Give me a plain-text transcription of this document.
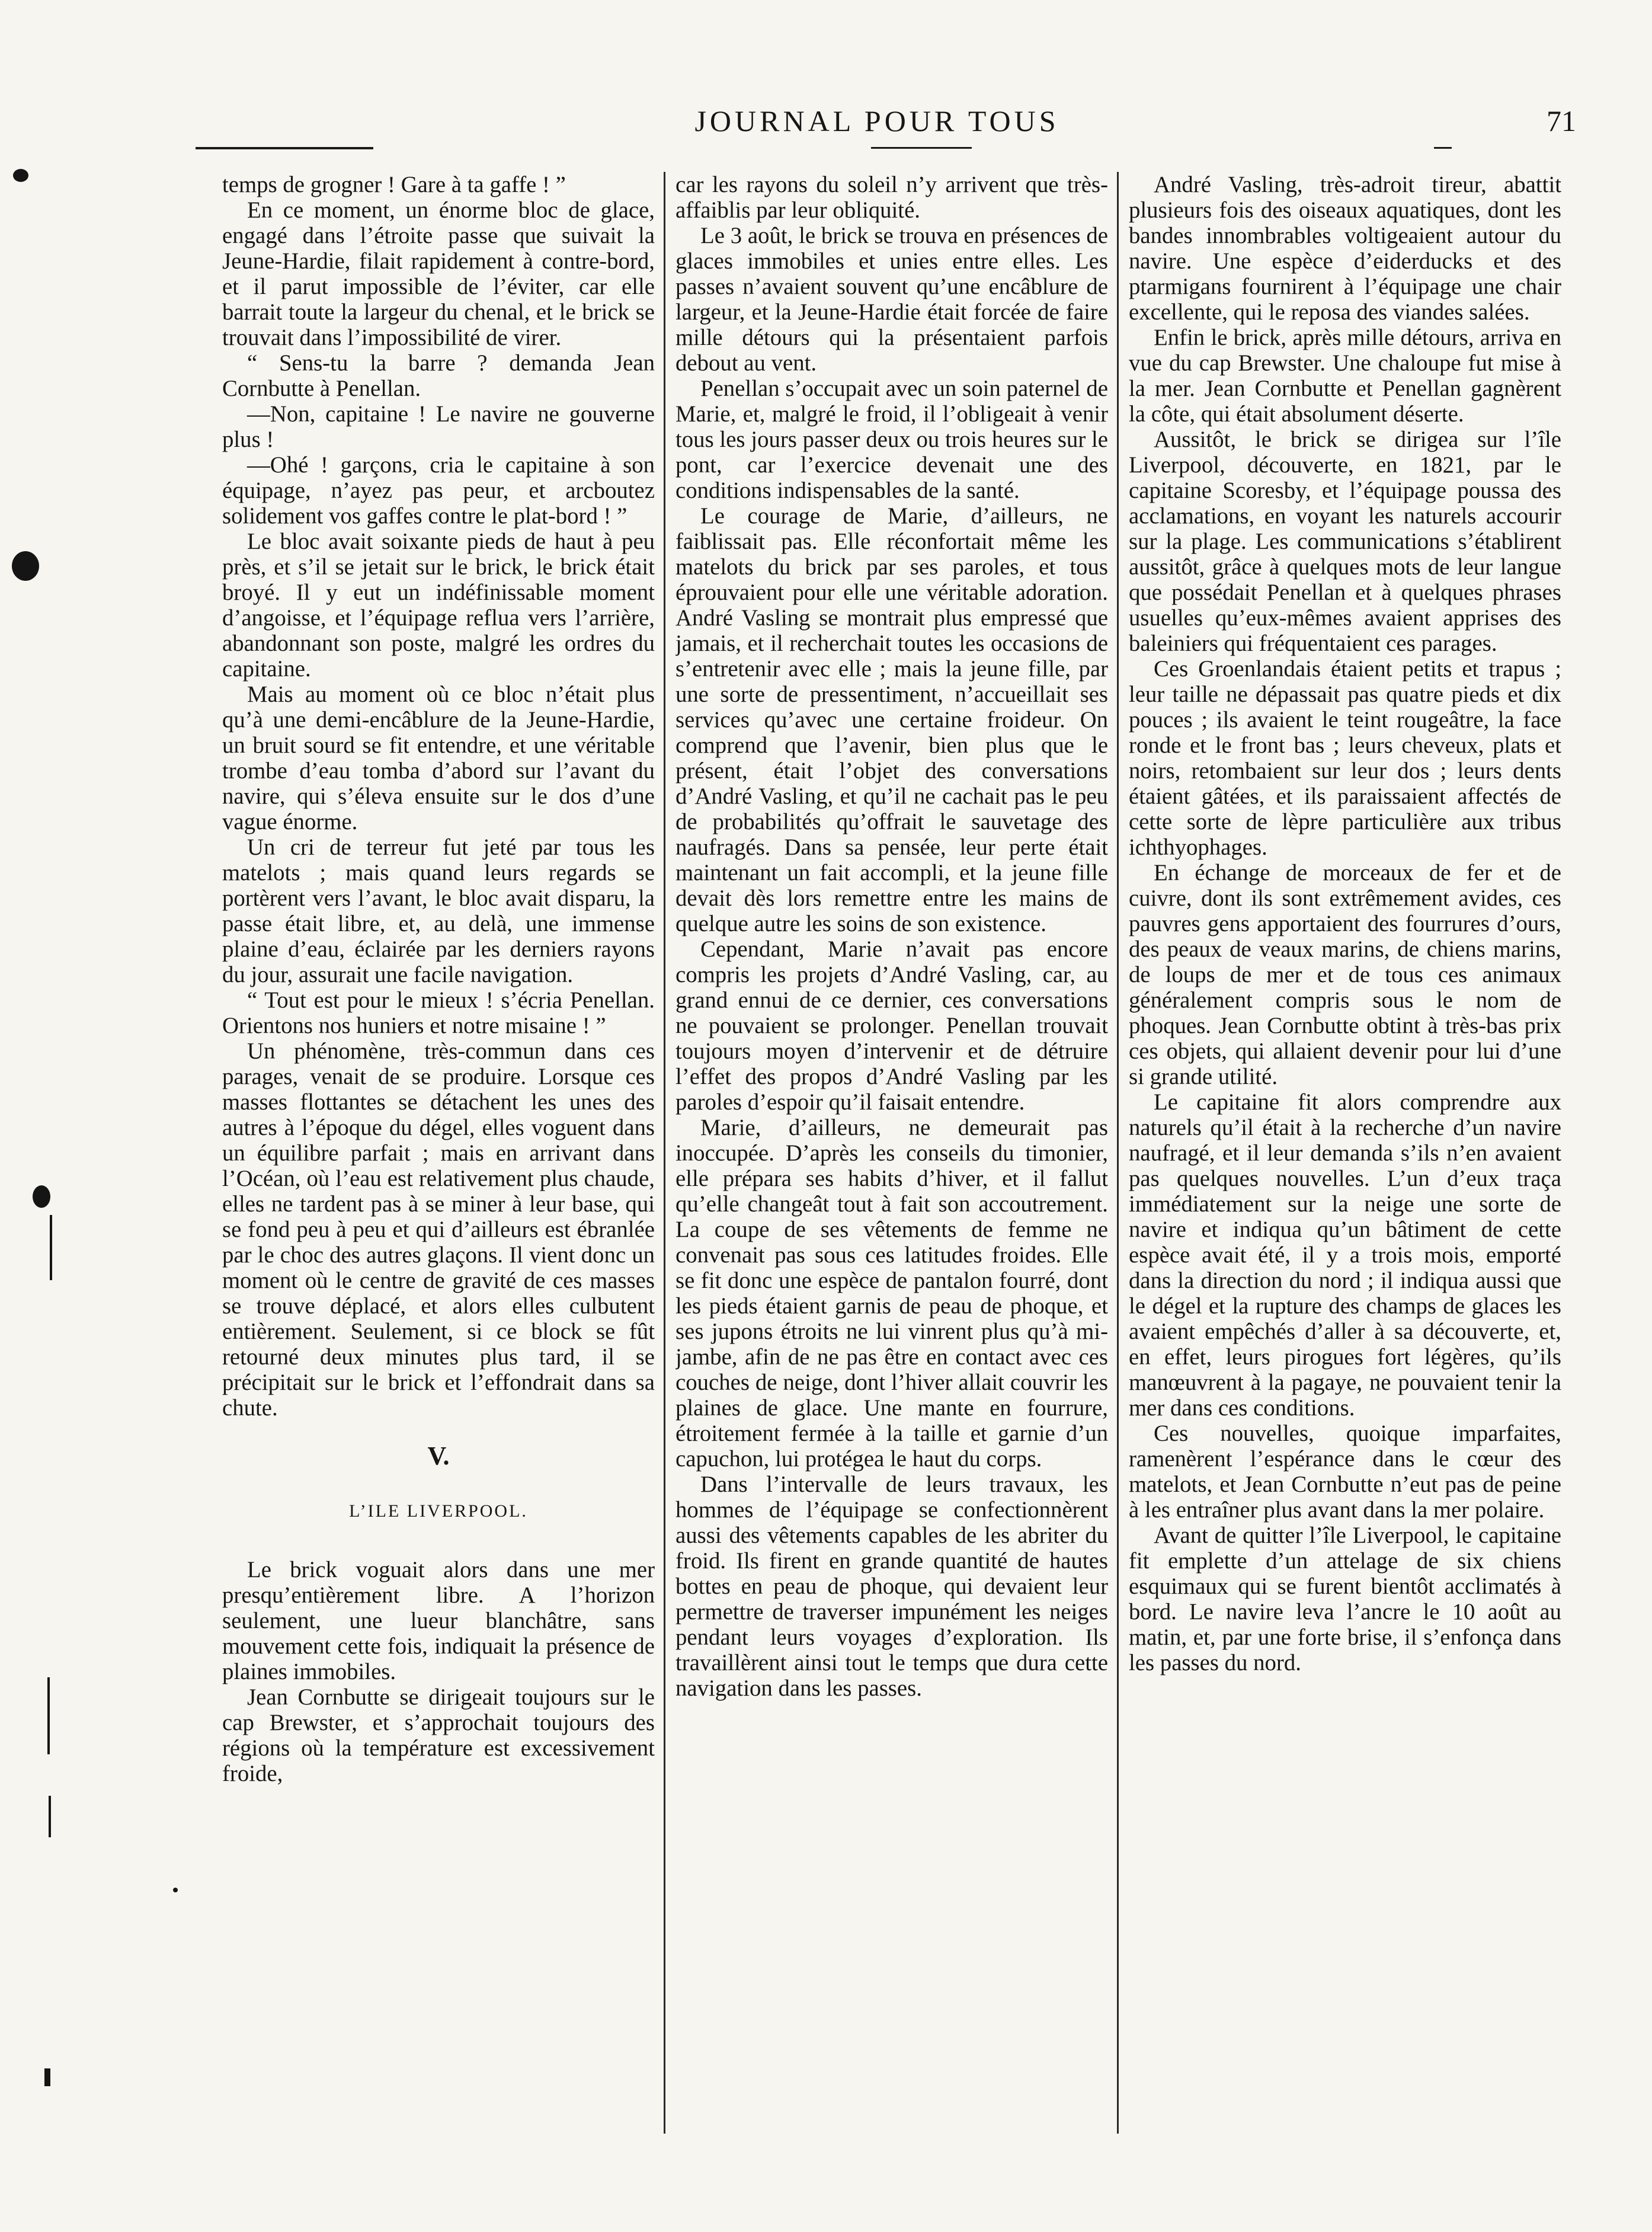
JOURNAL POUR TOUS	71

temps de grogner ! Gare à ta gaffe ! ”

En ce moment, un énorme bloc de glace, engagé dans l’étroite passe que suivait la Jeune-Hardie, filait rapidement à contre-bord, et il parut impossible de l’éviter, car elle barrait toute la largeur du chenal, et le brick se trouvait dans l’impossibilité de virer.

“ Sens-tu la barre ? demanda Jean Cornbutte à Penellan.

—Non, capitaine ! Le navire ne gouverne plus !

—Ohé ! garçons, cria le capitaine à son équipage, n’ayez pas peur, et arcboutez solidement vos gaffes contre le plat-bord ! ”

Le bloc avait soixante pieds de haut à peu près, et s’il se jetait sur le brick, le brick était broyé. Il y eut un indéfinissable moment d’angoisse, et l’équipage reflua vers l’arrière, abandonnant son poste, malgré les ordres du capitaine.

Mais au moment où ce bloc n’était plus qu’à une demi-encâblure de la Jeune-Hardie, un bruit sourd se fit entendre, et une véritable trombe d’eau tomba d’abord sur l’avant du navire, qui s’éleva ensuite sur le dos d’une vague énorme.

Un cri de terreur fut jeté par tous les matelots ; mais quand leurs regards se portèrent vers l’avant, le bloc avait disparu, la passe était libre, et, au delà, une immense plaine d’eau, éclairée par les derniers rayons du jour, assurait une facile navigation.

“ Tout est pour le mieux ! s’écria Penellan. Orientons nos huniers et notre misaine ! ”

Un phénomène, très-commun dans ces parages, venait de se produire. Lorsque ces masses flottantes se détachent les unes des autres à l’époque du dégel, elles voguent dans un équilibre parfait ; mais en arrivant dans l’Océan, où l’eau est relativement plus chaude, elles ne tardent pas à se miner à leur base, qui se fond peu à peu et qui d’ailleurs est ébranlée par le choc des autres glaçons. Il vient donc un moment où le centre de gravité de ces masses se trouve déplacé, et alors elles culbutent entièrement. Seulement, si ce block se fût retourné deux minutes plus tard, il se précipitait sur le brick et l’effondrait dans sa chute.

V.
L’ILE LIVERPOOL.

Le brick voguait alors dans une mer presqu’entièrement libre. A l’horizon seulement, une lueur blanchâtre, sans mouvement cette fois, indiquait la présence de plaines immobiles.

Jean Cornbutte se dirigeait toujours sur le cap Brewster, et s’approchait toujours des régions où la température est excessivement froide,

car les rayons du soleil n’y arrivent que très-affaiblis par leur obliquité.

Le 3 août, le brick se trouva en présences de glaces immobiles et unies entre elles. Les passes n’avaient souvent qu’une encâblure de largeur, et la Jeune-Hardie était forcée de faire mille détours qui la présentaient parfois debout au vent.

Penellan s’occupait avec un soin paternel de Marie, et, malgré le froid, il l’obligeait à venir tous les jours passer deux ou trois heures sur le pont, car l’exercice devenait une des conditions indispensables de la santé.

Le courage de Marie, d’ailleurs, ne faiblissait pas. Elle réconfortait même les matelots du brick par ses paroles, et tous éprouvaient pour elle une véritable adoration. André Vasling se montrait plus empressé que jamais, et il recherchait toutes les occasions de s’entretenir avec elle ; mais la jeune fille, par une sorte de pressentiment, n’accueillait ses services qu’avec une certaine froideur. On comprend que l’avenir, bien plus que le présent, était l’objet des conversations d’André Vasling, et qu’il ne cachait pas le peu de probabilités qu’offrait le sauvetage des naufragés. Dans sa pensée, leur perte était maintenant un fait accompli, et la jeune fille devait dès lors remettre entre les mains de quelque autre les soins de son existence.

Cependant, Marie n’avait pas encore compris les projets d’André Vasling, car, au grand ennui de ce dernier, ces conversations ne pouvaient se prolonger. Penellan trouvait toujours moyen d’intervenir et de détruire l’effet des propos d’André Vasling par les paroles d’espoir qu’il faisait entendre.

Marie, d’ailleurs, ne demeurait pas inoccupée. D’après les conseils du timonier, elle prépara ses habits d’hiver, et il fallut qu’elle changeât tout à fait son accoutrement. La coupe de ses vêtements de femme ne convenait pas sous ces latitudes froides. Elle se fit donc une espèce de pantalon fourré, dont les pieds étaient garnis de peau de phoque, et ses jupons étroits ne lui vinrent plus qu’à mi-jambe, afin de ne pas être en contact avec ces couches de neige, dont l’hiver allait couvrir les plaines de glace. Une mante en fourrure, étroitement fermée à la taille et garnie d’un capuchon, lui protégea le haut du corps.

Dans l’intervalle de leurs travaux, les hommes de l’équipage se confectionnèrent aussi des vêtements capables de les abriter du froid. Ils firent en grande quantité de hautes bottes en peau de phoque, qui devaient leur permettre de traverser impunément les neiges pendant leurs voyages d’exploration. Ils travaillèrent ainsi tout le temps que dura cette navigation dans les passes.

André Vasling, très-adroit tireur, abattit plusieurs fois des oiseaux aquatiques, dont les bandes innombrables voltigeaient autour du navire. Une espèce d’eiderducks et des ptarmigans fournirent à l’équipage une chair excellente, qui le reposa des viandes salées.

Enfin le brick, après mille détours, arriva en vue du cap Brewster. Une chaloupe fut mise à la mer. Jean Cornbutte et Penellan gagnèrent la côte, qui était absolument déserte.

Aussitôt, le brick se dirigea sur l’île Liverpool, découverte, en 1821, par le capitaine Scoresby, et l’équipage poussa des acclamations, en voyant les naturels accourir sur la plage. Les communications s’établirent aussitôt, grâce à quelques mots de leur langue que possédait Penellan et à quelques phrases usuelles qu’eux-mêmes avaient apprises des baleiniers qui fréquentaient ces parages.

Ces Groenlandais étaient petits et trapus ; leur taille ne dépassait pas quatre pieds et dix pouces ; ils avaient le teint rougeâtre, la face ronde et le front bas ; leurs cheveux, plats et noirs, retombaient sur leur dos ; leurs dents étaient gâtées, et ils paraissaient affectés de cette sorte de lèpre particulière aux tribus ichthyophages.

En échange de morceaux de fer et de cuivre, dont ils sont extrêmement avides, ces pauvres gens apportaient des fourrures d’ours, des peaux de veaux marins, de chiens marins, de loups de mer et de tous ces animaux généralement compris sous le nom de phoques. Jean Cornbutte obtint à très-bas prix ces objets, qui allaient devenir pour lui d’une si grande utilité.

Le capitaine fit alors comprendre aux naturels qu’il était à la recherche d’un navire naufragé, et il leur demanda s’ils n’en avaient pas quelques nouvelles. L’un d’eux traça immédiatement sur la neige une sorte de navire et indiqua qu’un bâtiment de cette espèce avait été, il y a trois mois, emporté dans la direction du nord ; il indiqua aussi que le dégel et la rupture des champs de glaces les avaient empêchés d’aller à sa découverte, et, en effet, leurs pirogues fort légères, qu’ils manœuvrent à la pagaye, ne pouvaient tenir la mer dans ces conditions.

Ces nouvelles, quoique imparfaites, ramenèrent l’espérance dans le cœur des matelots, et Jean Cornbutte n’eut pas de peine à les entraîner plus avant dans la mer polaire.

Avant de quitter l’île Liverpool, le capitaine fit emplette d’un attelage de six chiens esquimaux qui se furent bientôt acclimatés à bord. Le navire leva l’ancre le 10 août au matin, et, par une forte brise, il s’enfonça dans les passes du nord.
